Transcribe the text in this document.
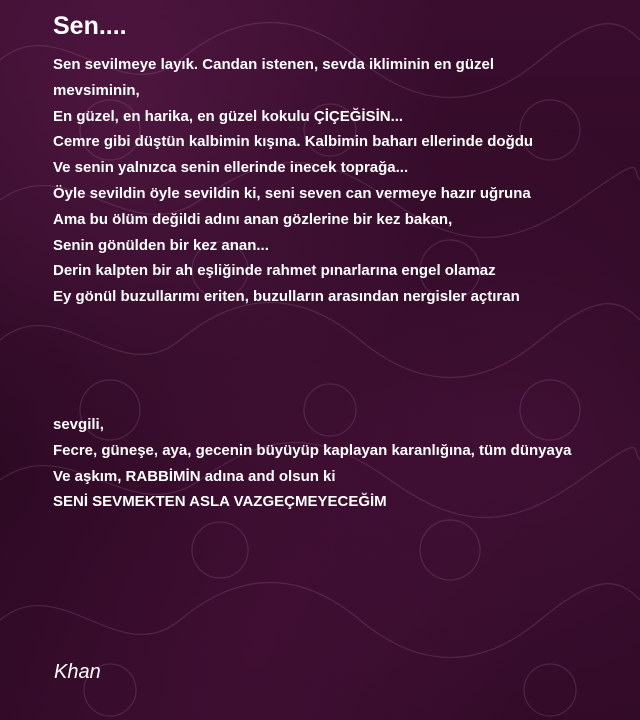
Sen....
Sen sevilmeye layık. Candan istenen, sevda ikliminin en güzel
mevsiminin,
En güzel, en harika, en güzel kokulu ÇİÇEĞİSİN...
Cemre gibi düştün kalbimin kışına. Kalbimin baharı ellerinde doğdu
Ve senin yalnızca senin ellerinde inecek toprağa...
Öyle sevildin öyle sevildin ki, seni seven can vermeye hazır uğruna
Ama bu ölüm değildi adını anan gözlerine bir kez bakan,
Senin gönülden bir kez anan...
Derin kalpten bir ah eşliğinde rahmet pınarlarına engel olamaz
Ey gönül buzullarımı eriten, buzulların arasından nergisler açtıran
sevgili,
Fecre, güneşe, aya, gecenin büyüyüp kaplayan karanlığına, tüm dünyaya
Ve aşkım, RABBİMİN adına and olsun ki
SENİ SEVMEKTEN ASLA VAZGEÇMEYECEĞİM
Khan
